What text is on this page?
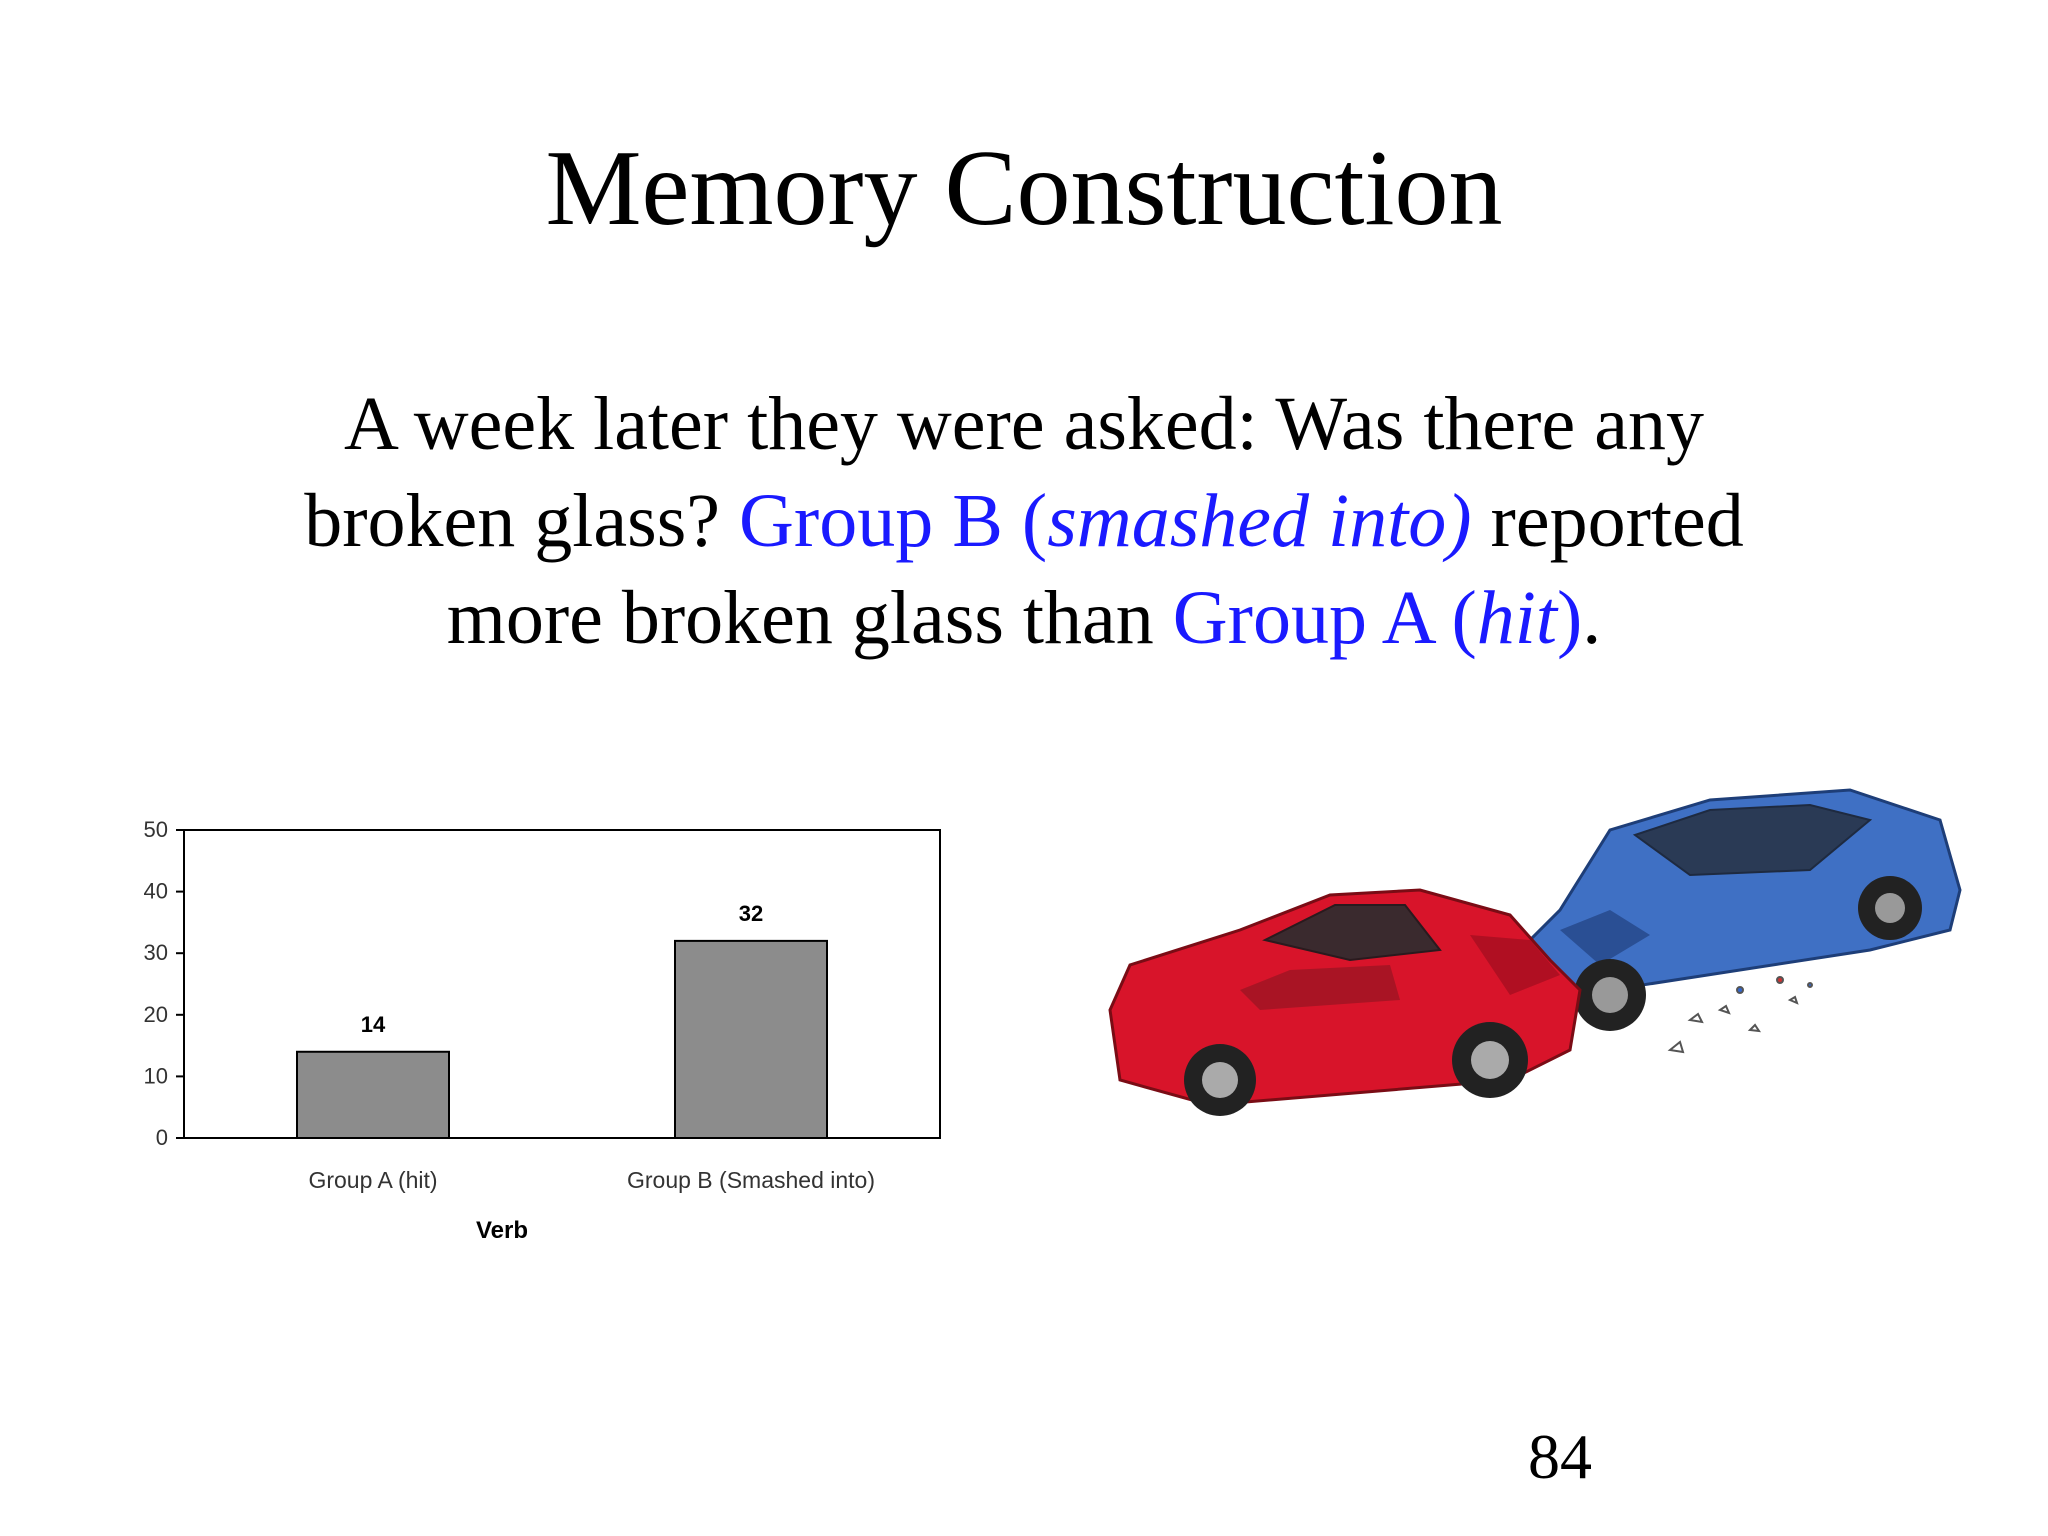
Memory Construction
A week later they were asked: Was there any
broken glass? Group B (smashed into) reported
more broken glass than Group A (hit).
0
10
20
30
40
50
14
Group A (hit)
32
Group B (Smashed into)
Verb
84
